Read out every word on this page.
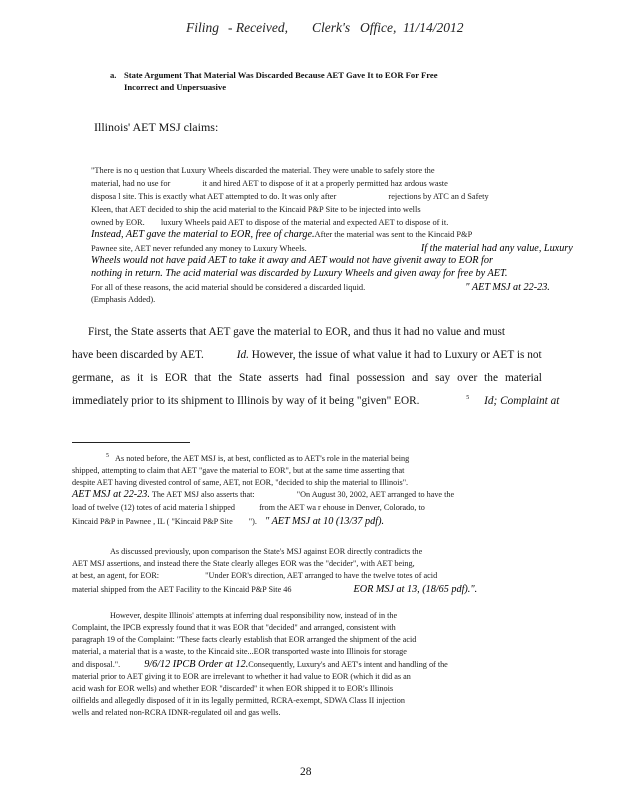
Filing - Received, Clerk's Office, 11/14/2012
a. State Argument That Material Was Discarded Because AET Gave It to EOR For Free
Incorrect and Unpersuasive
Illinois' AET MSJ claims:
"There is no q uestion that Luxury Wheels discarded the material. They were unable to safely store the
material, had no use for	it and hired AET to dispose of it at a properly permitted haz ardous waste
disposa l site. This is exactly what AET attempted to do. It was only after	rejections by ATC an d Safety
Kleen, that AET decided to ship the acid material to the Kincaid P&P Site to be injected into wells
owned by EOR. luxury Wheels paid AET to dispose of the material and expected AET to dispose of it.
Instead, AET gave the material to EOR, free of charge.After the material was sent to the Kincaid P&P
Pawnee site, AET never refunded any money to Luxury Wheels.	If the material had any value, Luxury
Wheels would not have paid AET to take it away and AET would not have givenit away to EOR for
nothing in return. The acid material was discarded by Luxury Wheels and given away for free by AET.
For all of these reasons, the acid material should be considered a discarded liquid.	" AET MSJ at 22-23.
(Emphasis Added).
First, the State asserts that AET gave the material to EOR, and thus it had no value and must
have been discarded by AET.	Id. However, the issue of what value it had to Luxury or AET is not
germane, as it is EOR that the State asserts had final possession and say over the material
immediately prior to its shipment to Illinois by way of it being "given" EOR.	$^5$ Id; Complaint at
$^5$ As noted before, the AET MSJ is, at best, conflicted as to AET's role in the material being
shipped, attempting to claim that AET "gave the material to EOR", but at the same time asserting that
despite AET having divested control of same, AET, not EOR, "decided to ship the material to Illinois".
AET MSJ at 22-23. The AET MSJ also asserts that:	"On August 30, 2002, AET arranged to have the
load of twelve (12) totes of acid materia l shipped	from the AET wa r ehouse in Denver, Colorado, to
Kincaid P&P in Pawnee , IL ( "Kincaid P&P Site "). " AET MSJ at 10 (13/37 pdf).
As discussed previously, upon comparison the State's MSJ against EOR directly contradicts the
AET MSJ assertions, and instead there the State clearly alleges EOR was the "decider", with AET being,
at best, an agent, for EOR:	"Under EOR's direction, AET arranged to have the twelve totes of acid
material shipped from the AET Facility to the Kincaid P&P Site 46	EOR MSJ at 13, (18/65 pdf).".
However, despite Illinois' attempts at inferring dual responsibility now, instead of in the
Complaint, the IPCB expressly found that it was EOR that "decided" and arranged, consistent with
paragraph 19 of the Complaint: "These facts clearly establish that EOR arranged the shipment of the acid
material, a material that is a waste, to the Kincaid site...EOR transported waste into Illinois for storage
and disposal.". 9/6/12 IPCB Order at 12.Consequently, Luxury's and AET's intent and handling of the
material prior to AET giving it to EOR are irrelevant to whether it had value to EOR (which it did as an
acid wash for EOR wells) and whether EOR "discarded" it when EOR shipped it to EOR's Illinois
oilfields and allegedly disposed of it in its legally permitted, RCRA-exempt, SDWA Class II injection
wells and related non-RCRA IDNR-regulated oil and gas wells.
28
